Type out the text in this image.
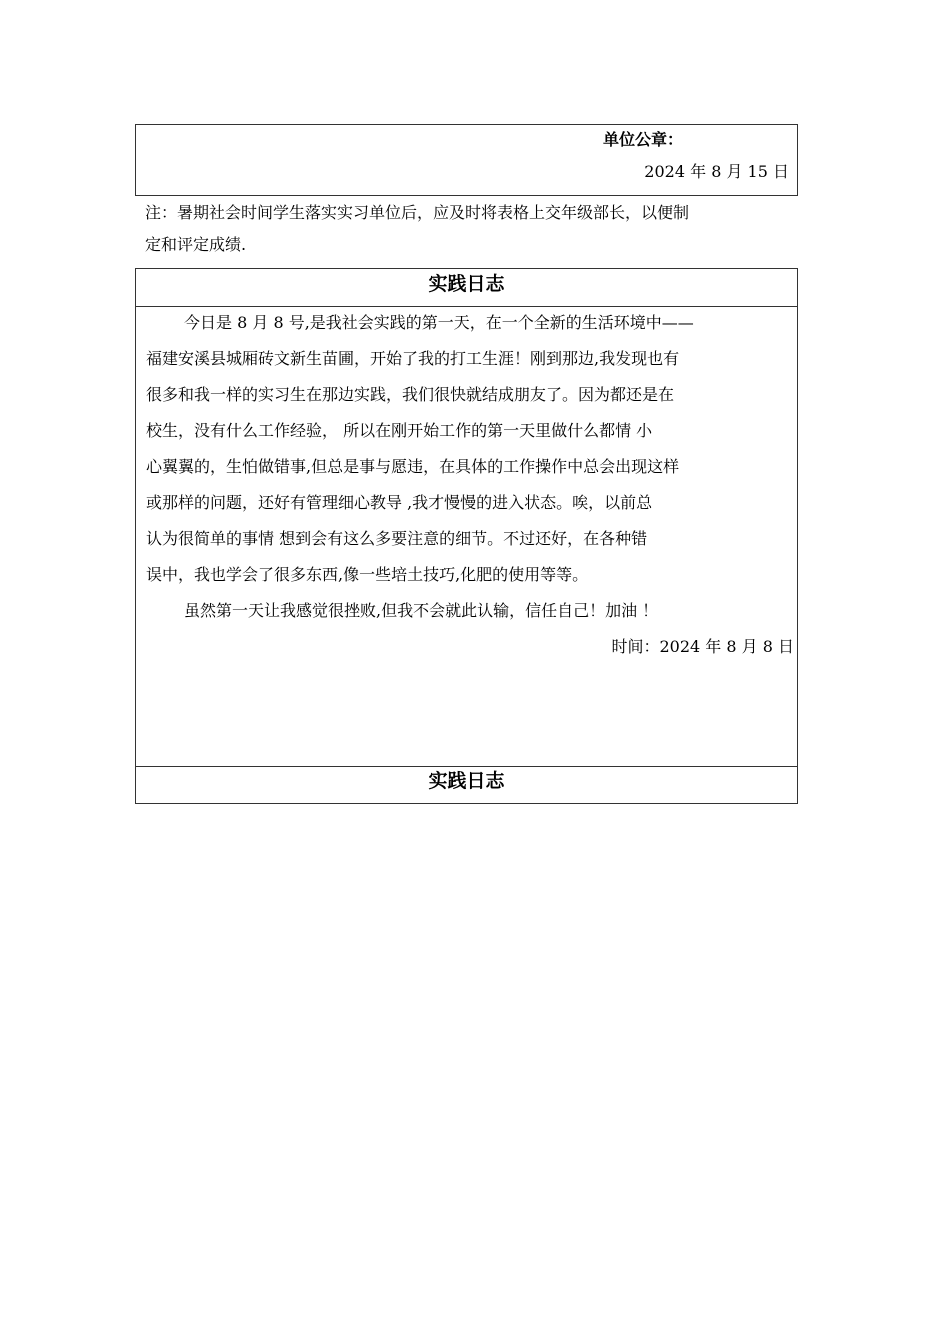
单位公章：
2024 年 8 月 15 日
注：暑期社会时间学生落实实习单位后，应及时将表格上交年级部长，以便制
定和评定成绩.
实践日志
今日是 8 月 8 号,是我社会实践的第一天，在一个全新的生活环境中——
福建安溪县城厢砖文新生苗圃，开始了我的打工生涯！刚到那边,我发现也有
很多和我一样的实习生在那边实践，我们很快就结成朋友了。因为都还是在
校生，没有什么工作经验， 所以在刚开始工作的第一天里做什么都情 小
心翼翼的，生怕做错事,但总是事与愿违，在具体的工作操作中总会出现这样
或那样的问题，还好有管理细心教导 ,我才慢慢的进入状态。唉，以前总
认为很简单的事情 想到会有这么多要注意的细节。不过还好，在各种错
误中，我也学会了很多东西,像一些培土技巧,化肥的使用等等。
虽然第一天让我感觉很挫败,但我不会就此认输，信任自己！加油 ！
时间：2024 年 8 月 8 日
实践日志
